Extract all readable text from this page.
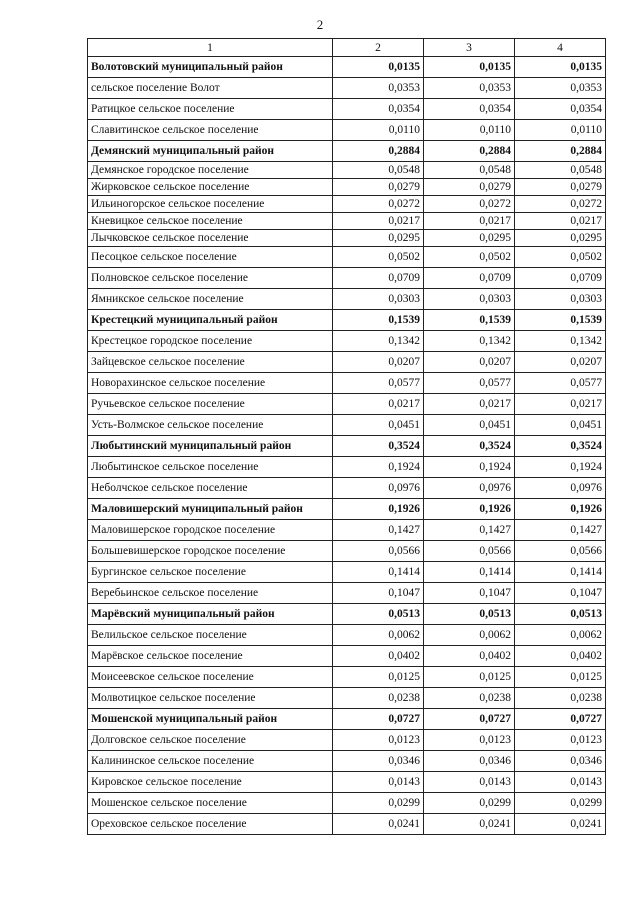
2
1	2	3	4
Волотовский муниципальный район	0,0135	0,0135	0,0135
сельское поселение Волот	0,0353	0,0353	0,0353
Ратицкое сельское поселение	0,0354	0,0354	0,0354
Славитинское сельское поселение	0,0110	0,0110	0,0110
Демянский муниципальный район	0,2884	0,2884	0,2884
Демянское городское поселение	0,0548	0,0548	0,0548
Жирковское сельское поселение	0,0279	0,0279	0,0279
Ильиногорское сельское поселение	0,0272	0,0272	0,0272
Кневицкое сельское поселение	0,0217	0,0217	0,0217
Лычковское сельское поселение	0,0295	0,0295	0,0295
Песоцкое сельское поселение	0,0502	0,0502	0,0502
Полновское сельское поселение	0,0709	0,0709	0,0709
Ямникское сельское поселение	0,0303	0,0303	0,0303
Крестецкий муниципальный район	0,1539	0,1539	0,1539
Крестецкое городское поселение	0,1342	0,1342	0,1342
Зайцевское сельское поселение	0,0207	0,0207	0,0207
Новорахинское сельское поселение	0,0577	0,0577	0,0577
Ручьевское сельское поселение	0,0217	0,0217	0,0217
Усть-Волмское сельское поселение	0,0451	0,0451	0,0451
Любытинский муниципальный район	0,3524	0,3524	0,3524
Любытинское сельское поселение	0,1924	0,1924	0,1924
Неболчское сельское поселение	0,0976	0,0976	0,0976
Маловишерский муниципальный район	0,1926	0,1926	0,1926
Маловишерское городское поселение	0,1427	0,1427	0,1427
Большевишерское городское поселение	0,0566	0,0566	0,0566
Бургинское сельское поселение	0,1414	0,1414	0,1414
Веребьинское сельское поселение	0,1047	0,1047	0,1047
Марёвский муниципальный район	0,0513	0,0513	0,0513
Велильское сельское поселение	0,0062	0,0062	0,0062
Марёвское сельское поселение	0,0402	0,0402	0,0402
Моисеевское сельское поселение	0,0125	0,0125	0,0125
Молвотицкое сельское поселение	0,0238	0,0238	0,0238
Мошенской муниципальный район	0,0727	0,0727	0,0727
Долговское сельское поселение	0,0123	0,0123	0,0123
Калининское сельское поселение	0,0346	0,0346	0,0346
Кировское сельское поселение	0,0143	0,0143	0,0143
Мошенское сельское поселение	0,0299	0,0299	0,0299
Ореховское сельское поселение	0,0241	0,0241	0,0241
